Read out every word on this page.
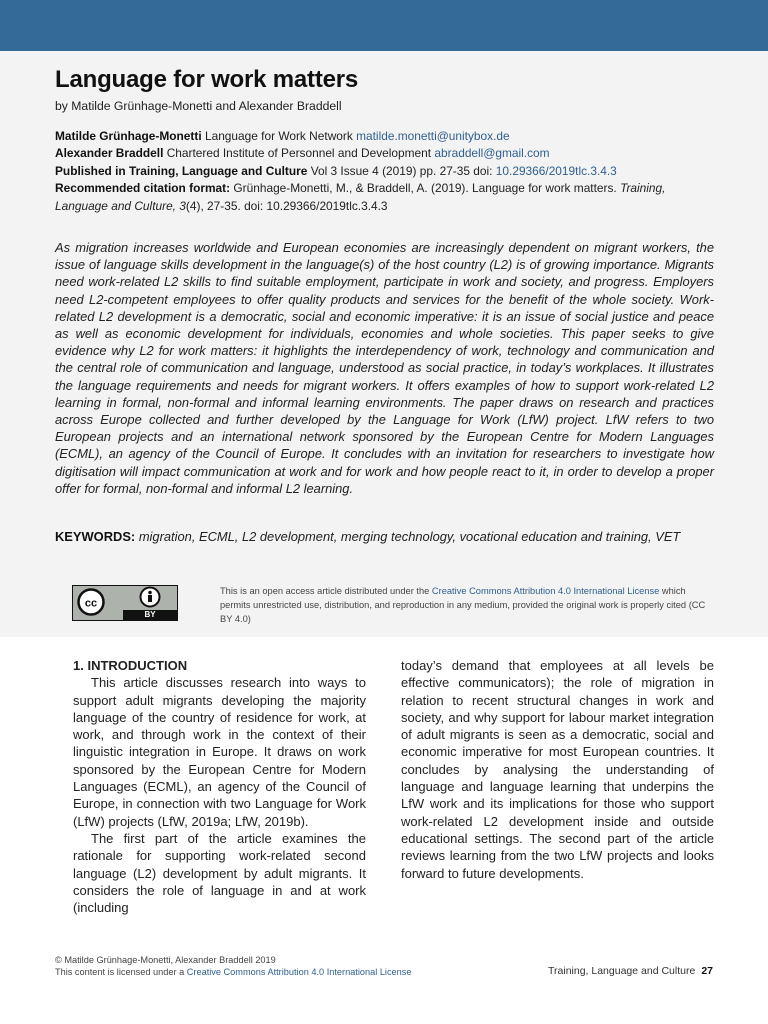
Language for work matters
by Matilde Grünhage-Monetti and Alexander Braddell
Matilde Grünhage-Monetti Language for Work Network matilde.monetti@unitybox.de
Alexander Braddell Chartered Institute of Personnel and Development abraddell@gmail.com
Published in Training, Language and Culture Vol 3 Issue 4 (2019) pp. 27-35 doi: 10.29366/2019tlc.3.4.3
Recommended citation format: Grünhage-Monetti, M., & Braddell, A. (2019). Language for work matters. Training, Language and Culture, 3(4), 27-35. doi: 10.29366/2019tlc.3.4.3
As migration increases worldwide and European economies are increasingly dependent on migrant workers, the issue of language skills development in the language(s) of the host country (L2) is of growing importance. Migrants need work-related L2 skills to find suitable employment, participate in work and society, and progress. Employers need L2-competent employees to offer quality products and services for the benefit of the whole society. Work-related L2 development is a democratic, social and economic imperative: it is an issue of social justice and peace as well as economic development for individuals, economies and whole societies. This paper seeks to give evidence why L2 for work matters: it highlights the interdependency of work, technology and communication and the central role of communication and language, understood as social practice, in today’s workplaces. It illustrates the language requirements and needs for migrant workers. It offers examples of how to support work-related L2 learning in formal, non-formal and informal learning environments. The paper draws on research and practices across Europe collected and further developed by the Language for Work (LfW) project. LfW refers to two European projects and an international network sponsored by the European Centre for Modern Languages (ECML), an agency of the Council of Europe. It concludes with an invitation for researchers to investigate how digitisation will impact communication at work and for work and how people react to it, in order to develop a proper offer for formal, non-formal and informal L2 learning.
KEYWORDS: migration, ECML, L2 development, merging technology, vocational education and training, VET
cc
BY
This is an open access article distributed under the Creative Commons Attribution 4.0 International License which permits unrestricted use, distribution, and reproduction in any medium, provided the original work is properly cited (CC BY 4.0)
1. INTRODUCTION

This article discusses research into ways to support adult migrants developing the majority language of the country of residence for work, at work, and through work in the context of their linguistic integration in Europe. It draws on work sponsored by the European Centre for Modern Languages (ECML), an agency of the Council of Europe, in connection with two Language for Work (LfW) projects (LfW, 2019a; LfW, 2019b).

The first part of the article examines the rationale for supporting work-related second language (L2) development by adult migrants. It considers the role of language in and at work (including

today’s demand that employees at all levels be effective communicators); the role of migration in relation to recent structural changes in work and society, and why support for labour market integration of adult migrants is seen as a democratic, social and economic imperative for most European countries. It concludes by analysing the understanding of language and language learning that underpins the LfW work and its implications for those who support work-related L2 development inside and outside educational settings. The second part of the article reviews learning from the two LfW projects and looks forward to future developments.

© Matilde Grünhage-Monetti, Alexander Braddell 2019
This content is licensed under a Creative Commons Attribution 4.0 International License	Training, Language and Culture 27
